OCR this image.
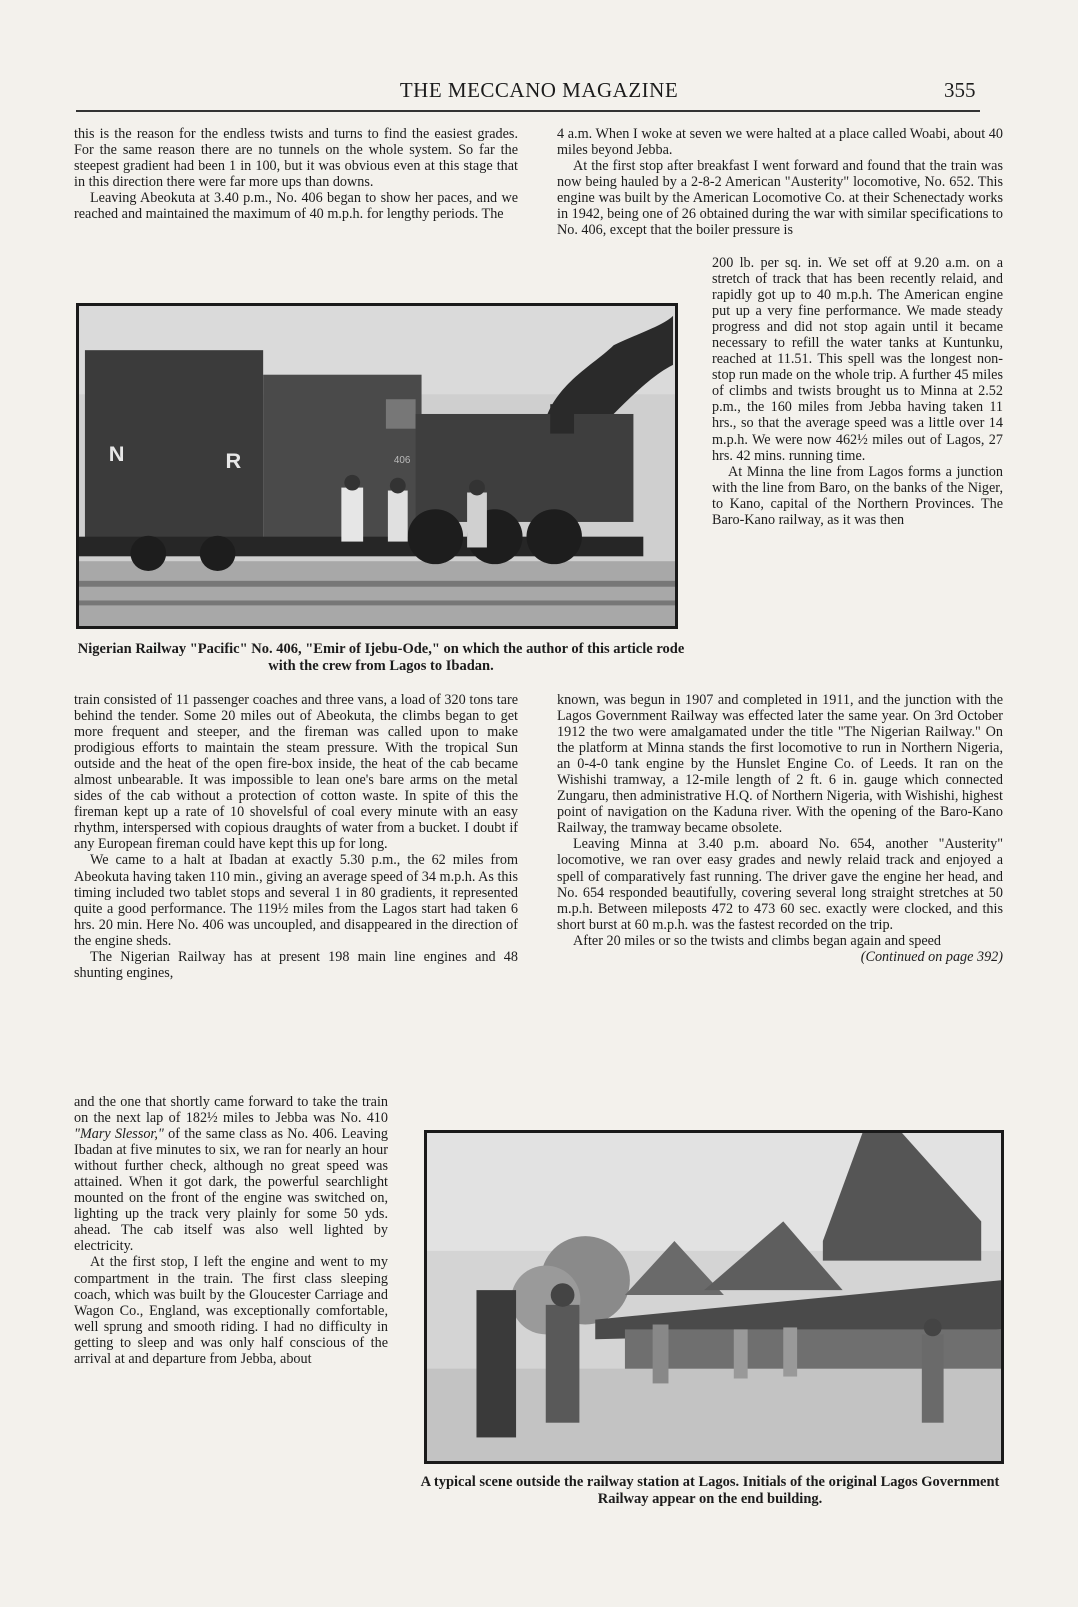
THE MECCANO MAGAZINE	355

this is the reason for the endless twists and turns to find the easiest grades. For the same reason there are no tunnels on the whole system. So far the steepest gradient had been 1 in 100, but it was obvious even at this stage that in this direction there were far more ups than downs.

Leaving Abeokuta at 3.40 p.m., No. 406 began to show her paces, and we reached and maintained the maximum of 40 m.p.h. for lengthy periods. The

N	R	406
Nigerian Railway "Pacific" No. 406, "Emir of Ijebu-Ode," on which the author of this article rode with the crew from Lagos to Ibadan.

train consisted of 11 passenger coaches and three vans, a load of 320 tons tare behind the tender. Some 20 miles out of Abeokuta, the climbs began to get more frequent and steeper, and the fireman was called upon to make prodigious efforts to maintain the steam pressure. With the tropical Sun outside and the heat of the open fire-box inside, the heat of the cab became almost unbearable. It was impossible to lean one's bare arms on the metal sides of the cab without a protection of cotton waste. In spite of this the fireman kept up a rate of 10 shovelsful of coal every minute with an easy rhythm, interspersed with copious draughts of water from a bucket. I doubt if any European fireman could have kept this up for long.

We came to a halt at Ibadan at exactly 5.30 p.m., the 62 miles from Abeokuta having taken 110 min., giving an average speed of 34 m.p.h. As this timing included two tablet stops and several 1 in 80 gradients, it represented quite a good performance. The 119½ miles from the Lagos start had taken 6 hrs. 20 min. Here No. 406 was uncoupled, and disappeared in the direction of the engine sheds.

The Nigerian Railway has at present 198 main line engines and 48 shunting engines,

and the one that shortly came forward to take the train on the next lap of 182½ miles to Jebba was No. 410 "Mary Slessor," of the same class as No. 406. Leaving Ibadan at five minutes to six, we ran for nearly an hour without further check, although no great speed was attained. When it got dark, the powerful searchlight mounted on the front of the engine was switched on, lighting up the track very plainly for some 50 yds. ahead. The cab itself was also well lighted by electricity.

At the first stop, I left the engine and went to my compartment in the train. The first class sleeping coach, which was built by the Gloucester Carriage and Wagon Co., England, was exceptionally comfortable, well sprung and smooth riding. I had no difficulty in getting to sleep and was only half conscious of the arrival at and departure from Jebba, about

4 a.m. When I woke at seven we were halted at a place called Woabi, about 40 miles beyond Jebba.

At the first stop after breakfast I went forward and found that the train was now being hauled by a 2-8-2 American "Austerity" locomotive, No. 652. This engine was built by the American Locomotive Co. at their Schenectady works in 1942, being one of 26 obtained during the war with similar specifications to No. 406, except that the boiler pressure is

200 lb. per sq. in. We set off at 9.20 a.m. on a stretch of track that has been recently relaid, and rapidly got up to 40 m.p.h. The American engine put up a very fine performance. We made steady progress and did not stop again until it became necessary to refill the water tanks at Kuntunku, reached at 11.51. This spell was the longest non-stop run made on the whole trip. A further 45 miles of climbs and twists brought us to Minna at 2.52 p.m., the 160 miles from Jebba having taken 11 hrs., so that the average speed was a little over 14 m.p.h. We were now 462½ miles out of Lagos, 27 hrs. 42 mins. running time.

At Minna the line from Lagos forms a junction with the line from Baro, on the banks of the Niger, to Kano, capital of the Northern Provinces. The Baro-Kano railway, as it was then

known, was begun in 1907 and completed in 1911, and the junction with the Lagos Government Railway was effected later the same year. On 3rd October 1912 the two were amalgamated under the title "The Nigerian Railway." On the platform at Minna stands the first locomotive to run in Northern Nigeria, an 0-4-0 tank engine by the Hunslet Engine Co. of Leeds. It ran on the Wishishi tramway, a 12-mile length of 2 ft. 6 in. gauge which connected Zungaru, then administrative H.Q. of Northern Nigeria, with Wishishi, highest point of navigation on the Kaduna river. With the opening of the Baro-Kano Railway, the tramway became obsolete.

Leaving Minna at 3.40 p.m. aboard No. 654, another "Austerity" locomotive, we ran over easy grades and newly relaid track and enjoyed a spell of comparatively fast running. The driver gave the engine her head, and No. 654 responded beautifully, covering several long straight stretches at 50 m.p.h. Between mileposts 472 to 473 60 sec. exactly were clocked, and this short burst at 60 m.p.h. was the fastest recorded on the trip.

After 20 miles or so the twists and climbs began again and speed
(Continued on page 392)

A typical scene outside the railway station at Lagos. Initials of the original Lagos Government Railway appear on the end building.
